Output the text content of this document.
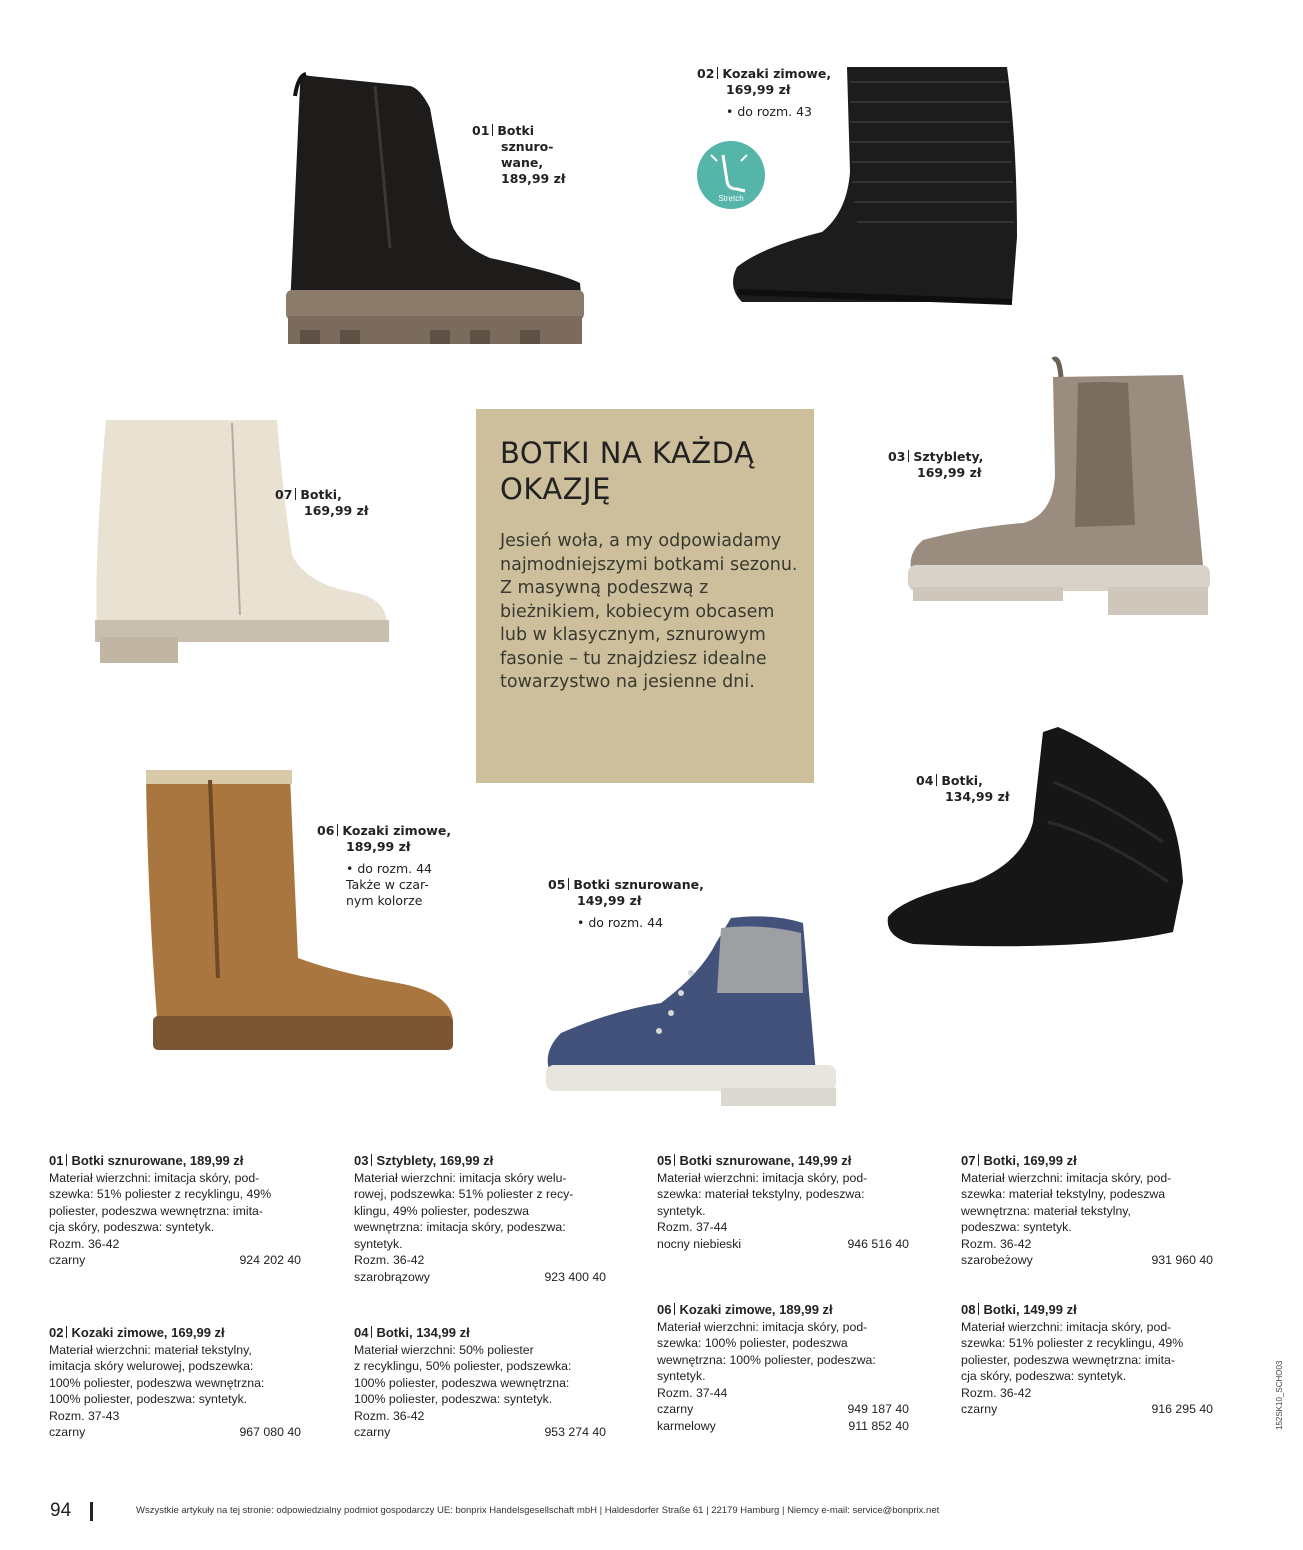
Stretch
01 Botki
sznuro-
wane,
189,99 zł
02 Kozaki zimowe,
169,99 zł
• do rozm. 43
03 Sztyblety,
169,99 zł
04 Botki,
134,99 zł
05 Botki sznurowane,
149,99 zł
• do rozm. 44
06 Kozaki zimowe,
189,99 zł
• do rozm. 44
Także w czar-
nym kolorze
07 Botki,
169,99 zł
BOTKI NA KAŻDĄ OKAZJĘ

Jesień woła, a my odpowiadamy najmodniejszymi botkami sezonu. Z masywną podeszwą z bieżnikiem, kobiecym obcasem lub w klasycznym, sznurowym fasonie – tu znajdziesz idealne towarzystwo na jesienne dni.

01 Botki sznurowane, 189,99 zł
Materiał wierzchni: imitacja skóry, pod-
szewka: 51% poliester z recyklingu, 49%
poliester, podeszwa wewnętrzna: imita-
cja skóry, podeszwa: syntetyk.
Rozm. 36-42
czarny	924 202 40
02 Kozaki zimowe, 169,99 zł
Materiał wierzchni: materiał tekstylny,
imitacja skóry welurowej, podszewka:
100% poliester, podeszwa wewnętrzna:
100% poliester, podeszwa: syntetyk.
Rozm. 37-43
czarny	967 080 40
03 Sztyblety, 169,99 zł
Materiał wierzchni: imitacja skóry welu-
rowej, podszewka: 51% poliester z recy-
klingu, 49% poliester, podeszwa
wewnętrzna: imitacja skóry, podeszwa:
syntetyk.
Rozm. 36-42
szarobrązowy	923 400 40
04 Botki, 134,99 zł
Materiał wierzchni: 50% poliester
z recyklingu, 50% poliester, podszewka:
100% poliester, podeszwa wewnętrzna:
100% poliester, podeszwa: syntetyk.
Rozm. 36-42
czarny	953 274 40
05 Botki sznurowane, 149,99 zł
Materiał wierzchni: imitacja skóry, pod-
szewka: materiał tekstylny, podeszwa:
syntetyk.
Rozm. 37-44
nocny niebieski	946 516 40
06 Kozaki zimowe, 189,99 zł
Materiał wierzchni: imitacja skóry, pod-
szewka: 100% poliester, podeszwa
wewnętrzna: 100% poliester, podeszwa:
syntetyk.
Rozm. 37-44
czarny	949 187 40
karmelowy	911 852 40
07 Botki, 169,99 zł
Materiał wierzchni: imitacja skóry, pod-
szewka: materiał tekstylny, podeszwa
wewnętrzna: materiał tekstylny,
podeszwa: syntetyk.
Rozm. 36-42
szarobeżowy	931 960 40
08 Botki, 149,99 zł
Materiał wierzchni: imitacja skóry, pod-
szewka: 51% poliester z recyklingu, 49%
poliester, podeszwa wewnętrzna: imita-
cja skóry, podeszwa: syntetyk.
Rozm. 36-42
czarny	916 295 40
94	Wszystkie artykuły na tej stronie: odpowiedzialny podmiot gospodarczy UE: bonprix Handelsgesellschaft mbH | Haldesdorfer Straße 61 | 22179 Hamburg | Niemcy e-mail: service@bonprix.net
152SK10_SCHO03
